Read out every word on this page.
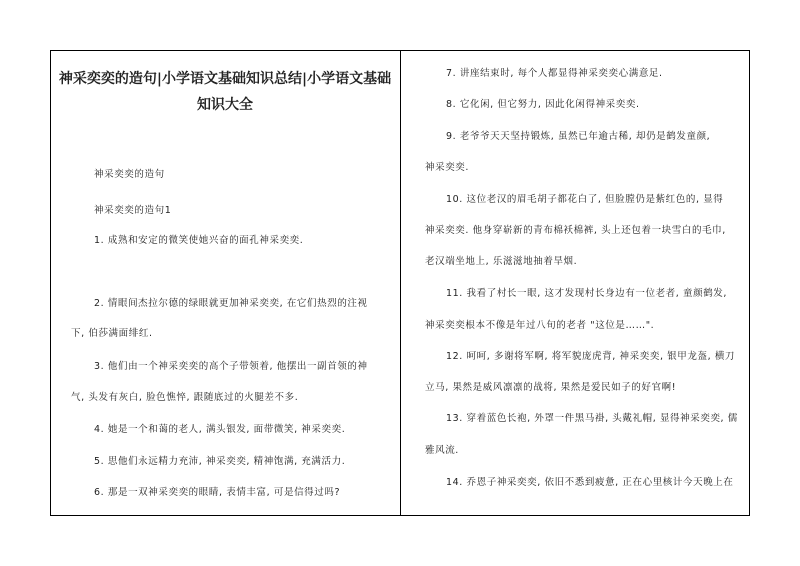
神采奕奕的造句|小学语文基础知识总结|小学语文基础知识大全
神采奕奕的造句
神采奕奕的造句1
1. 成熟和安定的微笑使她兴奋的面孔神采奕奕.
2. 情眼间杰拉尔德的绿眼就更加神采奕奕, 在它们热烈的注视
下, 伯莎满面绯红.
3. 他们由一个神采奕奕的高个子带领着, 他摆出一副首领的神
气, 头发有灰白, 脸色憔悴, 跟随底过的火腿差不多.
4. 她是一个和蔼的老人, 满头银发, 面带微笑, 神采奕奕.
5. 思他们永远精力充沛, 神采奕奕, 精神饱满, 充满活力.
6. 那是一双神采奕奕的眼睛, 表情丰富, 可是信得过吗?
7. 讲座结束时, 每个人都显得神采奕奕心满意足.
8. 它化闲, 但它努力, 因此化闲得神采奕奕.
9. 老爷爷天天坚持锻炼, 虽然已年逾古稀, 却仍是鹤发童颜,
神采奕奕.
10. 这位老汉的眉毛胡子都花白了, 但脸膛仍是紫红色的, 显得
神采奕奕. 他身穿崭新的青布棉袄棉裤, 头上还包着一块雪白的毛巾,
老汉端坐地上, 乐滋滋地抽着旱烟.
11. 我看了村长一眼, 这才发现村长身边有一位老者, 童颜鹤发,
神采奕奕根本不像是年过八旬的老者 "这位是……".
12. 呵呵, 多谢将军啊, 将军貌庞虎背, 神采奕奕, 银甲龙盔, 横刀
立马, 果然是威风凛凛的战将, 果然是爱民如子的好官啊!
13. 穿着蓝色长袍, 外罩一件黑马褂, 头戴礼帽, 显得神采奕奕, 儒
雅风流.
14. 乔恩子神采奕奕, 依旧不悉到疲惫, 正在心里核计今天晚上在
